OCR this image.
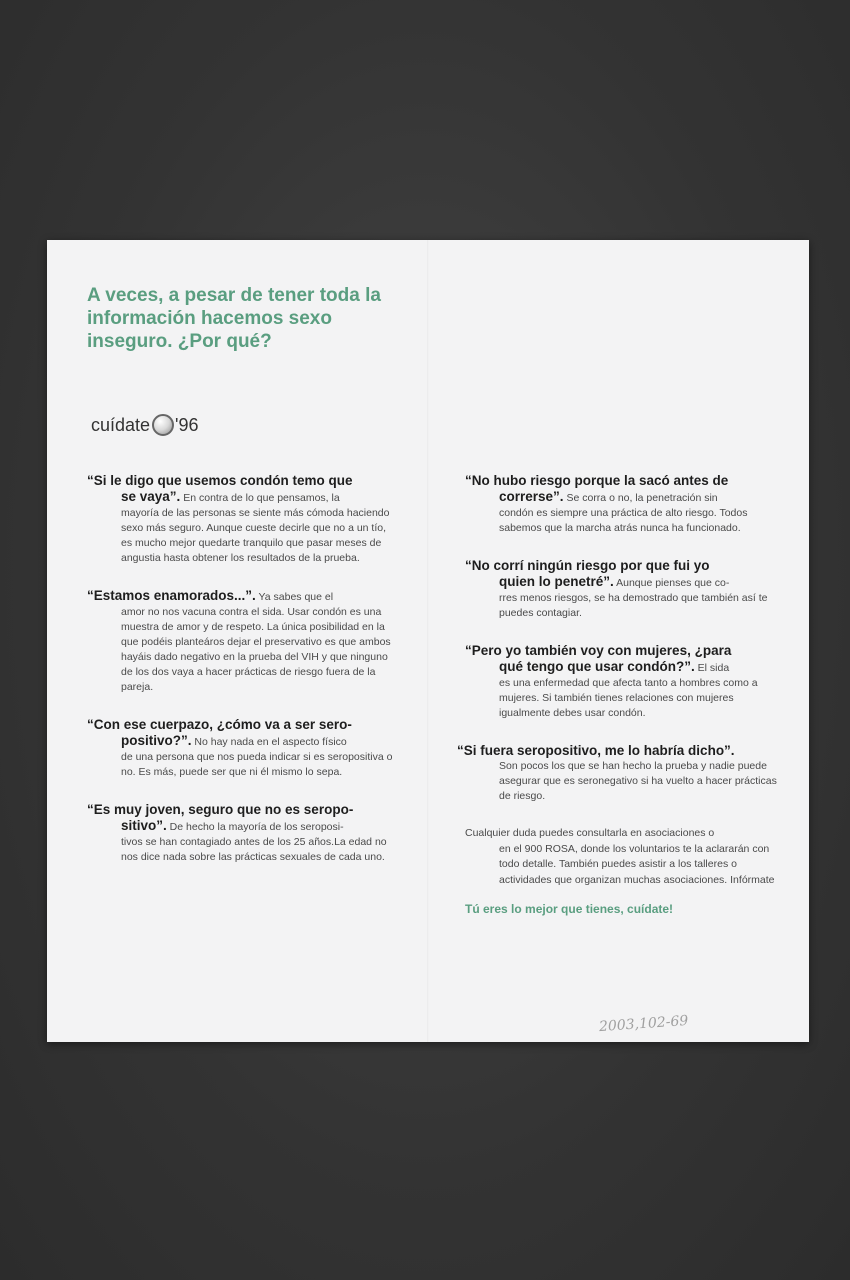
A veces, a pesar de tener toda la información hacemos sexo inseguro. ¿Por qué?
cuídate '96

“Si le digo que usemos condón temo que
se vaya”. En contra de lo que pensamos, la

mayoría de las personas se siente más cómoda haciendo sexo más seguro. Aunque cueste decirle que no a un tío, es mucho mejor quedarte tranquilo que pasar meses de angustia hasta obtener los resultados de la prueba.

“Estamos enamorados...”. Ya sabes que el

amor no nos vacuna contra el sida. Usar condón es una muestra de amor y de respeto. La única posibilidad en la que podéis planteáros dejar el preservativo es que ambos hayáis dado negativo en la prueba del VIH y que ninguno de los dos vaya a hacer prácticas de riesgo fuera de la pareja.

“Con ese cuerpazo, ¿cómo va a ser sero-
positivo?”. No hay nada en el aspecto físico

de una persona que nos pueda indicar si es seropositiva o no. Es más, puede ser que ni él mismo lo sepa.

“Es muy joven, seguro que no es seropo-
sitivo”. De hecho la mayoría de los seroposi-

tivos se han contagiado antes de los 25 años.La edad no nos dice nada sobre las prácticas sexuales de cada uno.

“No hubo riesgo porque la sacó antes de
correrse”. Se corra o no, la penetración sin

condón es siempre una práctica de alto riesgo. Todos sabemos que la marcha atrás nunca ha funcionado.

“No corrí ningún riesgo por que fui yo
quien lo penetré”. Aunque pienses que co-

rres menos riesgos, se ha demostrado que también así te puedes contagiar.

“Pero yo también voy con mujeres, ¿para
qué tengo que usar condón?”. El sida

es una enfermedad que afecta tanto a hombres como a mujeres. Si también tienes relaciones con mujeres igualmente debes usar condón.

“Si fuera seropositivo, me lo habría dicho”.

Son pocos los que se han hecho la prueba y nadie puede asegurar que es seronegativo si ha vuelto a hacer prácticas de riesgo.

Cualquier duda puedes consultarla en asociaciones o
en el 900 ROSA, donde los voluntarios te la aclararán con todo detalle. También puedes asistir a los talleres o actividades que organizan muchas asociaciones. Infórmate

Tú eres lo mejor que tienes, cuídate!

2003,102-69
